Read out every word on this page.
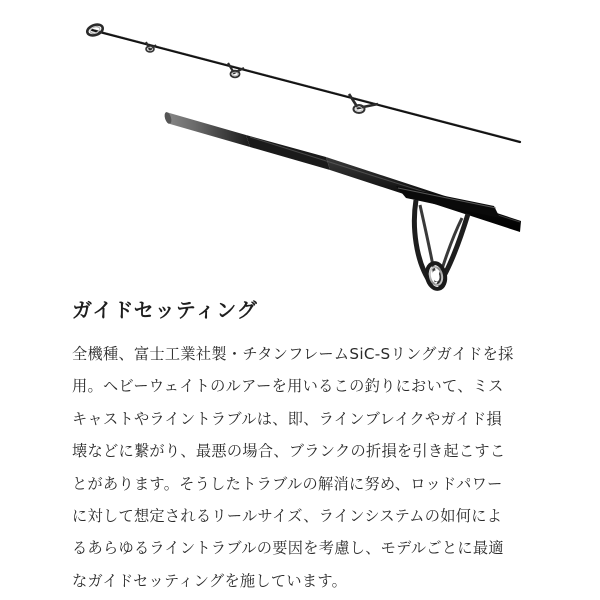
ガイドセッティング
全機種、富士工業社製・チタンフレームSiC-Sリングガイドを採
用。ヘビーウェイトのルアーを用いるこの釣りにおいて、ミス
キャストやライントラブルは、即、ラインブレイクやガイド損
壊などに繋がり、最悪の場合、ブランクの折損を引き起こすこ
とがあります。そうしたトラブルの解消に努め、ロッドパワー
に対して想定されるリールサイズ、ラインシステムの如何によ
るあらゆるライントラブルの要因を考慮し、モデルごとに最適
なガイドセッティングを施しています。
